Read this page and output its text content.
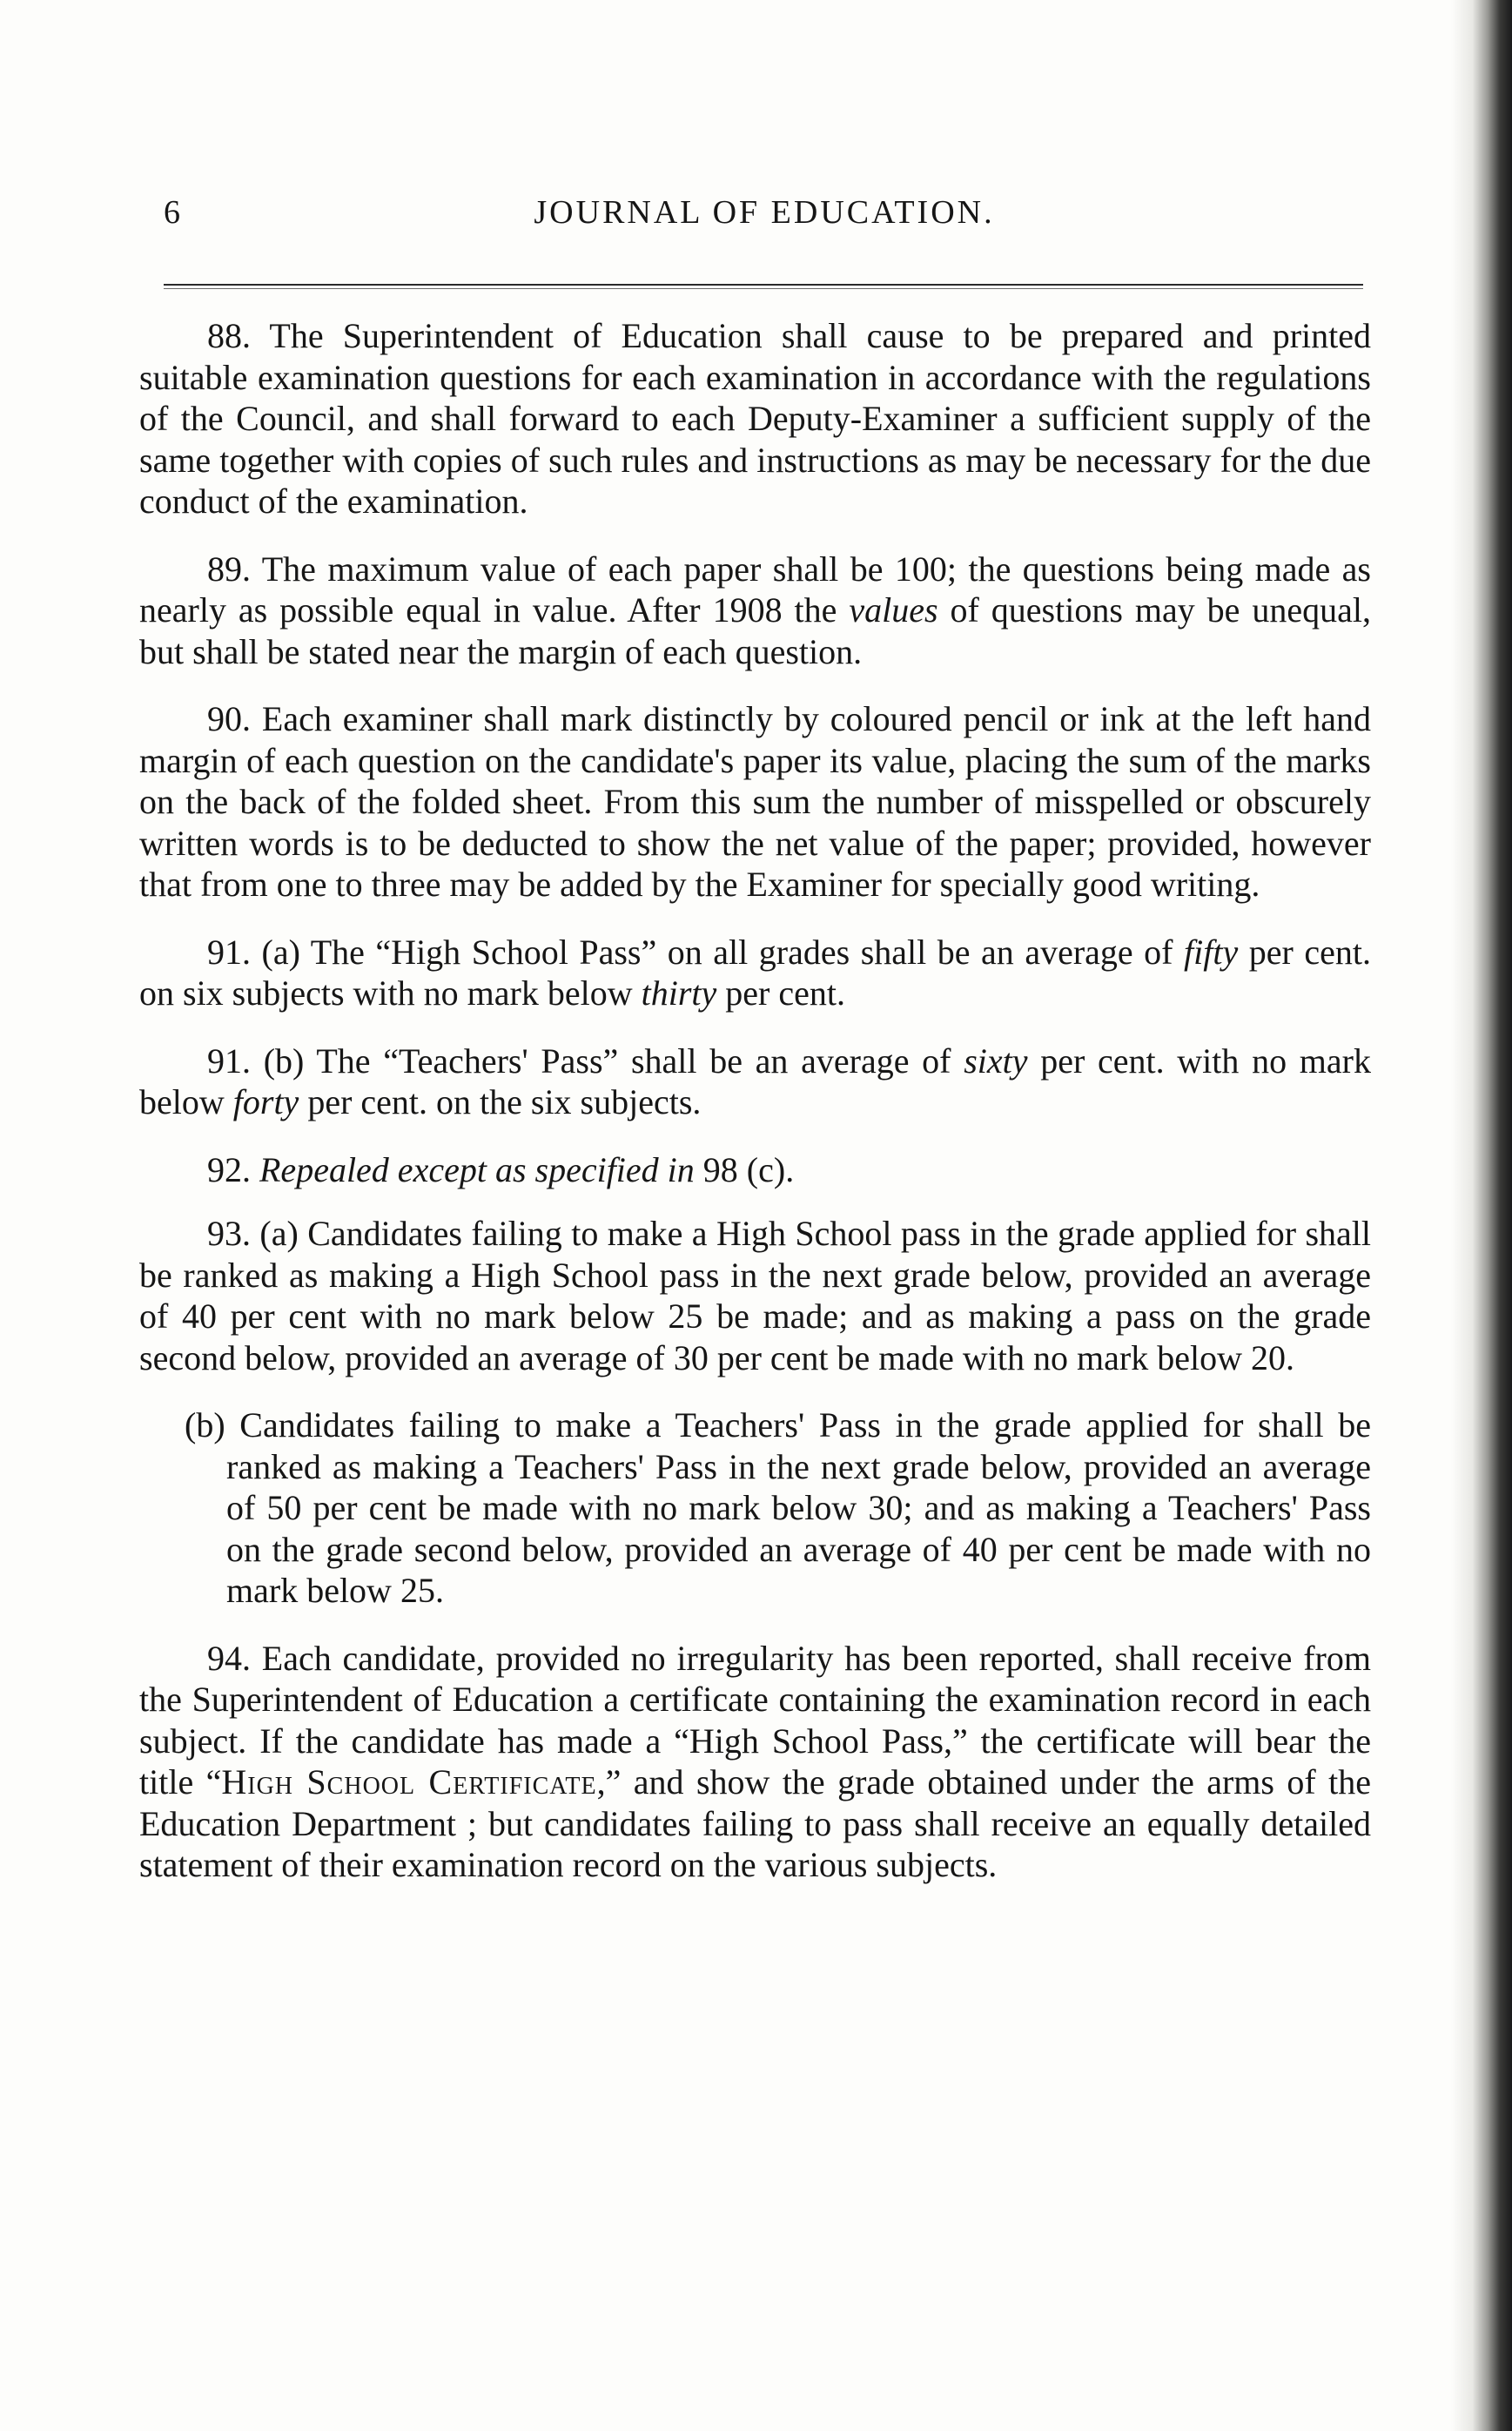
6	JOURNAL OF EDUCATION.

88. The Superintendent of Education shall cause to be prepared and printed suitable examination questions for each examination in accordance with the regulations of the Council, and shall forward to each Deputy-Examiner a sufficient supply of the same together with copies of such rules and instructions as may be necessary for the due conduct of the examination.

89. The maximum value of each paper shall be 100; the questions being made as nearly as possible equal in value. After 1908 the values of questions may be unequal, but shall be stated near the margin of each question.

90. Each examiner shall mark distinctly by coloured pencil or ink at the left hand margin of each question on the candidate's paper its value, placing the sum of the marks on the back of the folded sheet. From this sum the number of misspelled or obscurely written words is to be deducted to show the net value of the paper; provided, however that from one to three may be added by the Examiner for specially good writing.

91. (a) The “High School Pass” on all grades shall be an average of fifty per cent. on six subjects with no mark below thirty per cent.

91. (b) The “Teachers' Pass” shall be an average of sixty per cent. with no mark below forty per cent. on the six subjects.

92. Repealed except as specified in 98 (c).

93. (a) Candidates failing to make a High School pass in the grade applied for shall be ranked as making a High School pass in the next grade below, provided an average of 40 per cent with no mark below 25 be made; and as making a pass on the grade second below, provided an average of 30 per cent be made with no mark below 20.

(b) Candidates failing to make a Teachers' Pass in the grade applied for shall be ranked as making a Teachers' Pass in the next grade below, provided an average of 50 per cent be made with no mark below 30; and as making a Teachers' Pass on the grade second below, provided an average of 40 per cent be made with no mark below 25.

94. Each candidate, provided no irregularity has been reported, shall receive from the Superintendent of Education a certificate containing the examination record in each subject. If the candidate has made a “High School Pass,” the certificate will bear the title “High School Certificate,” and show the grade obtained under the arms of the Education Department ; but candidates failing to pass shall receive an equally detailed statement of their examination record on the various subjects.
